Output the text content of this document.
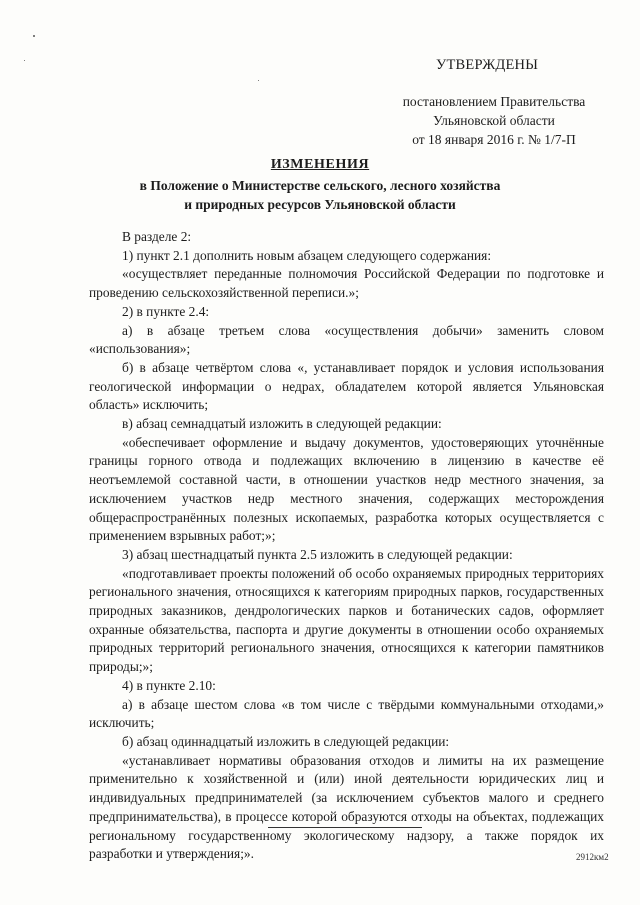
УТВЕРЖДЕНЫ
постановлением Правительства
Ульяновской области
от 18 января 2016 г. № 1/7-П
ИЗМЕНЕНИЯ
в Положение о Министерстве сельского, лесного хозяйства
и природных ресурсов Ульяновской области

В разделе 2:

1) пункт 2.1 дополнить новым абзацем следующего содержания:

«осуществляет переданные полномочия Российской Федерации по подготовке и проведению сельскохозяйственной переписи.»;

2) в пункте 2.4:

а) в абзаце третьем слова «осуществления добычи» заменить словом «использования»;

б) в абзаце четвёртом слова «, устанавливает порядок и условия использования геологической информации о недрах, обладателем которой является Ульяновская область» исключить;

в) абзац семнадцатый изложить в следующей редакции:

«обеспечивает оформление и выдачу документов, удостоверяющих уточнённые границы горного отвода и подлежащих включению в лицензию в качестве её неотъемлемой составной части, в отношении участков недр местного значения, за исключением участков недр местного значения, содержащих месторождения общераспространённых полезных ископаемых, разработка которых осуществляется с применением взрывных работ;»;

3) абзац шестнадцатый пункта 2.5 изложить в следующей редакции:

«подготавливает проекты положений об особо охраняемых природных территориях регионального значения, относящихся к категориям природных парков, государственных природных заказников, дендрологических парков и ботанических садов, оформляет охранные обязательства, паспорта и другие документы в отношении особо охраняемых природных территорий регионального значения, относящихся к категории памятников природы;»;

4) в пункте 2.10:

а) в абзаце шестом слова «в том числе с твёрдыми коммунальными отходами,» исключить;

б) абзац одиннадцатый изложить в следующей редакции:

«устанавливает нормативы образования отходов и лимиты на их размещение применительно к хозяйственной и (или) иной деятельности юридических лиц и индивидуальных предпринимателей (за исключением субъектов малого и среднего предпринимательства), в процессе которой образуются отходы на объектах, подлежащих региональному государственному экологическому надзору, а также порядок их разработки и утверждения;».	2912км2
